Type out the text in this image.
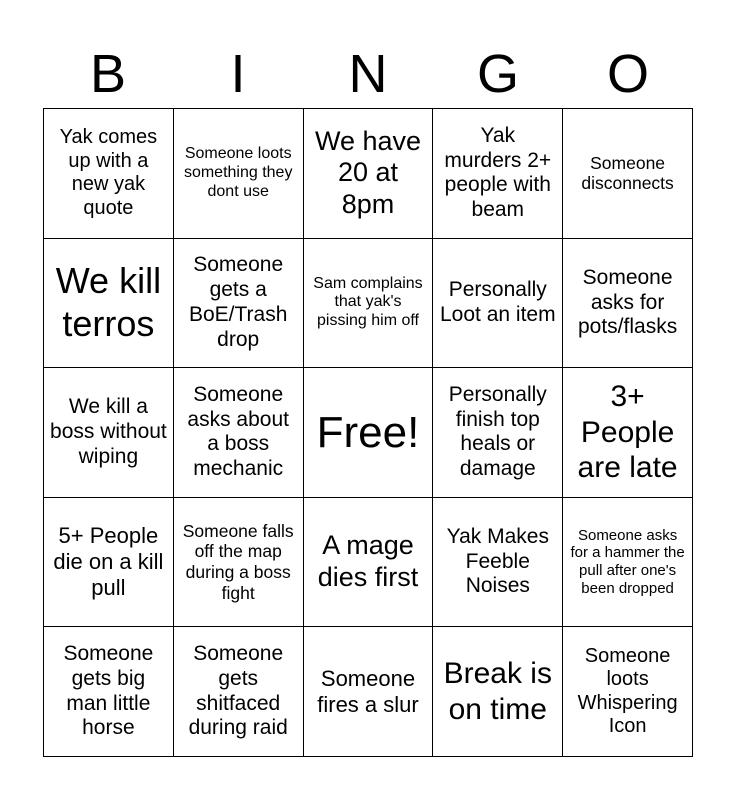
B	I	N	G	O
Yak comes up with a new yak quote
Someone loots something they dont use
We have 20 at 8pm
Yak murders 2+ people with beam
Someone disconnects
We kill terros
Someone gets a BoE/Trash drop
Sam complains that yak's pissing him off
Personally Loot an item
Someone asks for pots/flasks
We kill a boss without wiping
Someone asks about a boss mechanic
Free!
Personally finish top heals or damage
3+ People are late
5+ People die on a kill pull
Someone falls off the map during a boss fight
A mage dies first
Yak Makes Feeble Noises
Someone asks for a hammer the pull after one's been dropped
Someone gets big man little horse
Someone gets shitfaced during raid
Someone fires a slur
Break is on time
Someone loots Whispering Icon
